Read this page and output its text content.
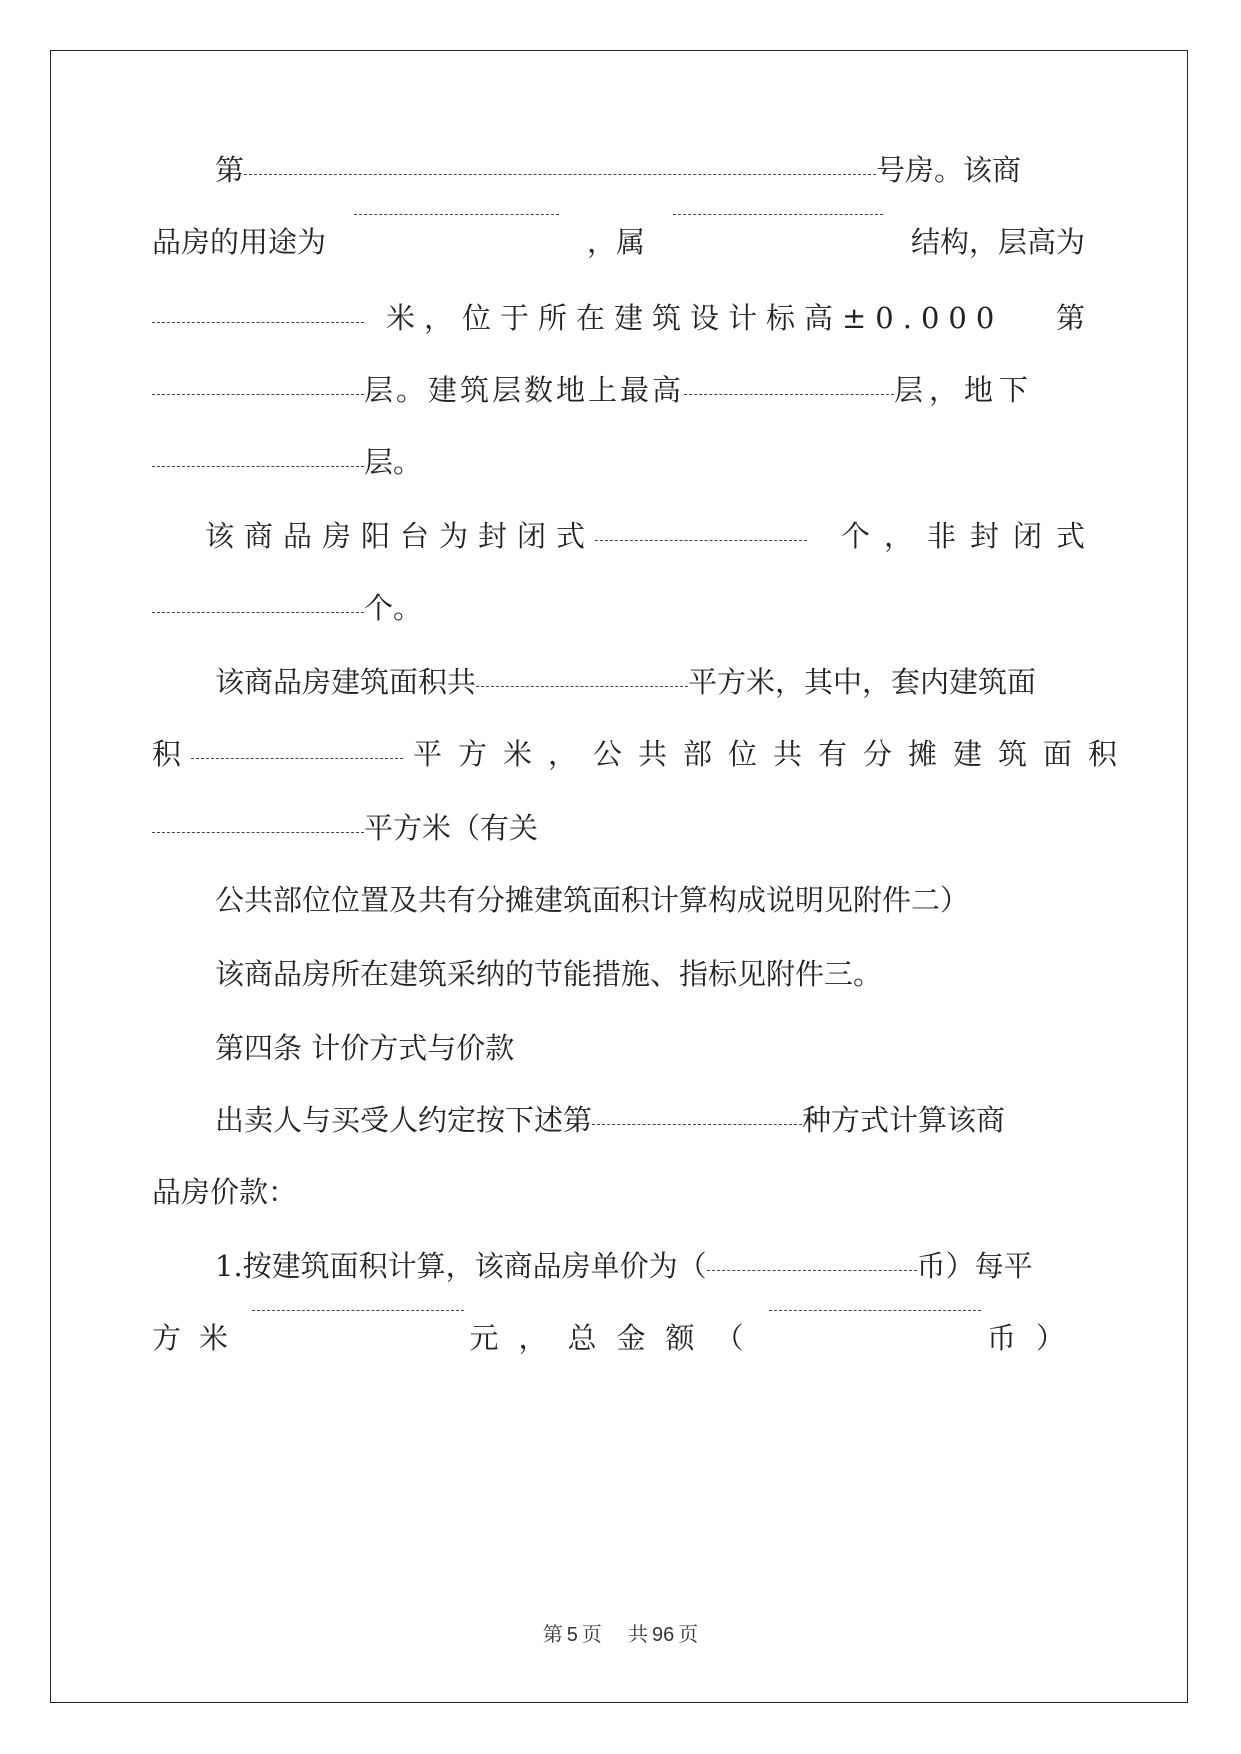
第	号房。该商
品房的用途为	，属	结构，层高为
米，位于所在建筑设计标高±0.000 第
层。建筑层数地上最高	层，地下
层。
该商品房阳台为封闭式	个，非封闭式
个。
该商品房建筑面积共	平方米，其中，套内建筑面
积	平方米，公共部位共有分摊建筑面积
平方米（有关
公共部位位置及共有分摊建筑面积计算构成说明见附件二）
该商品房所在建筑采纳的节能措施、指标见附件三。
第四条 计价方式与价款
出卖人与买受人约定按下述第	种方式计算该商
品房价款：
1.按建筑面积计算，该商品房单价为（	币）每平
方米	元，总金额（	币）
第 5 页 共 96 页
